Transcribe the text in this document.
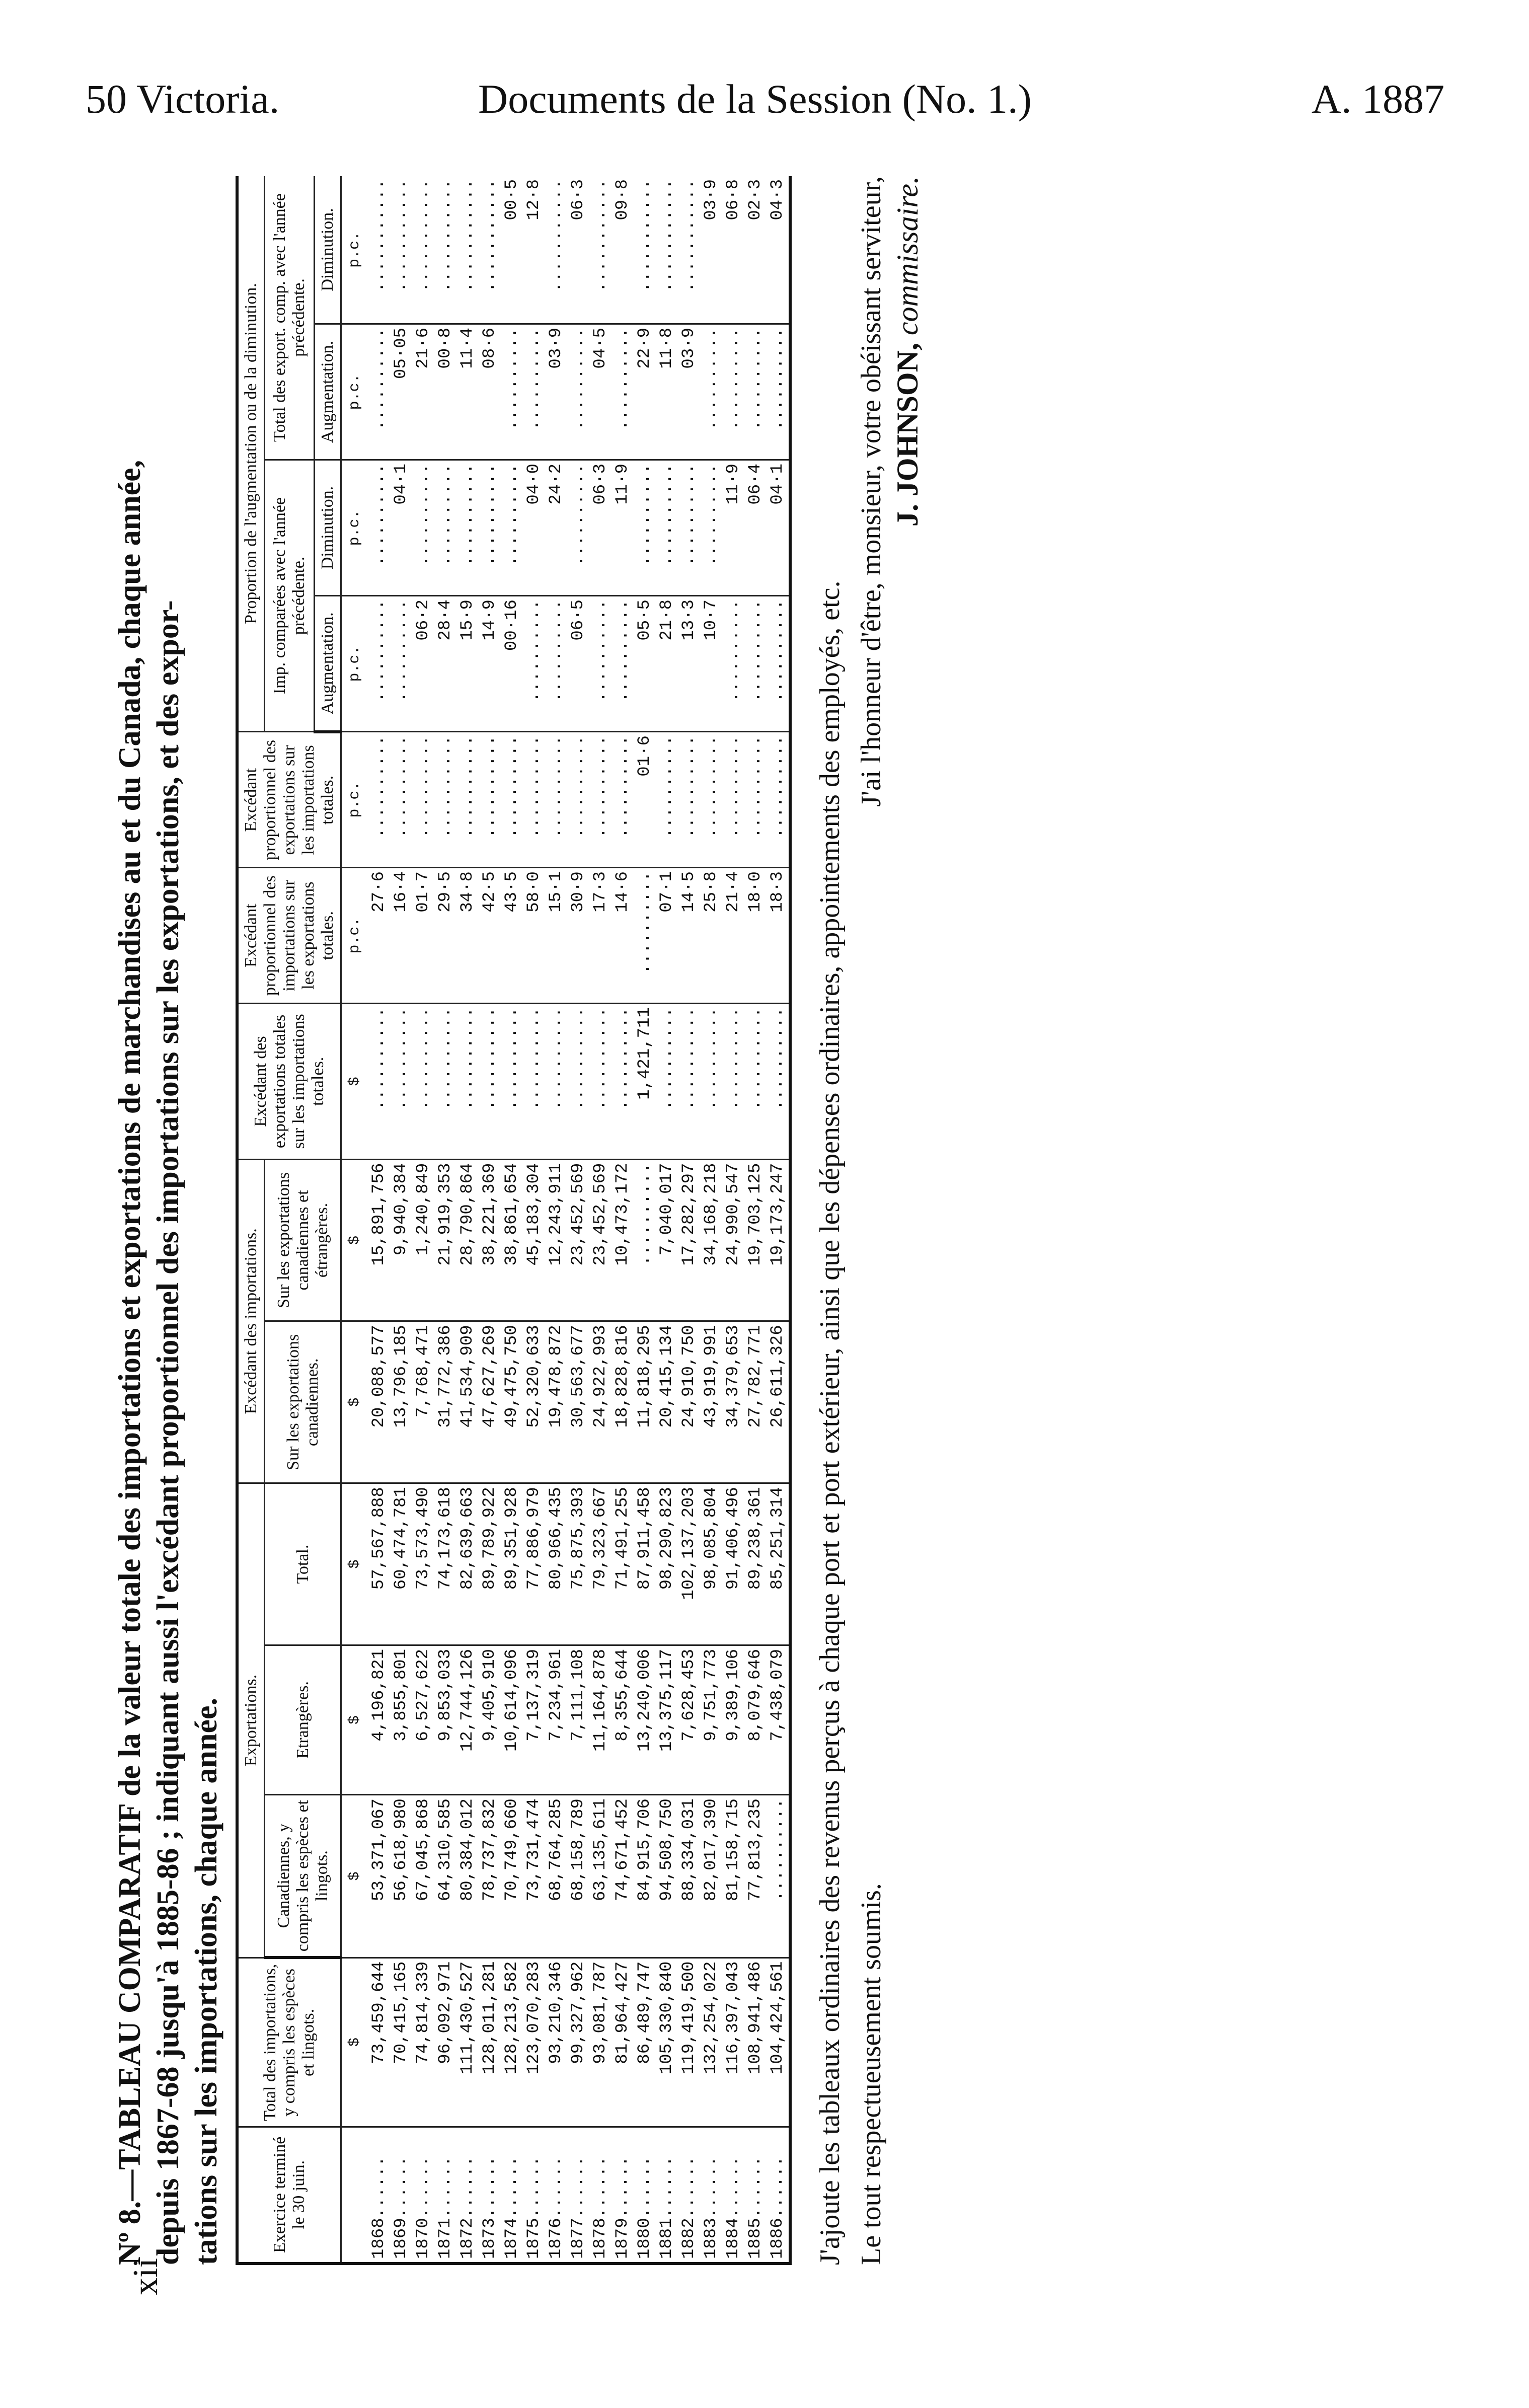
50 Victoria.	Documents de la Session (No. 1.)	A. 1887
xii
Nº 8.—TABLEAU COMPARATIF de la valeur totale des importations et exportations de marchandises au et du Canada, chaque année, depuis 1867-68 jusqu'à 1885-86 ; indiquant aussi l'excédant proportionnel des importations sur les exportations, et des expor- tations sur les importations, chaque année.	Exercice terminé le 30 juin.	Total des importations, y compris les espèces et lingots.	Exportations.			Excédant des importations.		Excédant des exportations totales sur les importations totales.	Excédant proportionnel des importations sur les exportations totales.	Excédant proportionnel des exportations sur les importations totales.	Proportion de l'augmentation ou de la diminution.			
		Canadiennes, y compris les espèces et lingots.	Etrangères.	Total.	Sur les exportations canadiennes.	Sur les exportations canadiennes et étrangères.				Imp. comparées avec l'année précédente.		Total des export. comp. avec l'année précédente.	
										Augmentation.	Diminution.	Augmentation.	Diminution.
	$	$	$	$	$	$	$	p.c.	p.c.	p.c.	p.c.	p.c.	p.c.
1868......	73,459,644	53,371,067	4,196,821	57,567,888	20,088,577	15,891,756	..........	27·6	..........	..........	..........	..........	...........
1869......	70,415,165	56,618,980	3,855,801	60,474,781	13,796,185	9,940,384	..........	16·4	..........	..........	04·1	05·05	...........
1870......	74,814,339	67,045,868	6,527,622	73,573,490	7,768,471	1,240,849	..........	01·7	..........	06·2	..........	21·6	...........
1871......	96,092,971	64,310,585	9,853,033	74,173,618	31,772,386	21,919,353	..........	29·5	..........	28·4	..........	00·8	...........
1872......	111,430,527	80,384,012	12,744,126	82,639,663	41,534,909	28,790,864	..........	34·8	..........	15·9	..........	11·4	...........
1873......	128,011,281	78,737,832	9,405,910	89,789,922	47,627,269	38,221,369	..........	42·5	..........	14·9	..........	08·6	...........
1874......	128,213,582	70,749,660	10,614,096	89,351,928	49,475,750	38,861,654	..........	43·5	..........	00·16	..........	..........	00·5
1875......	123,070,283	73,731,474	7,137,319	77,886,979	52,320,633	45,183,304	..........	58·0	..........	..........	04·0	..........	12·8
1876......	93,210,346	68,764,285	7,234,961	80,966,435	19,478,872	12,243,911	..........	15·1	..........	..........	24·2	03·9	...........
1877......	99,327,962	68,158,789	7,111,108	75,875,393	30,563,677	23,452,569	..........	30·9	..........	06·5	..........	..........	06·3
1878......	93,081,787	63,135,611	11,164,878	79,323,667	24,922,993	23,452,569	..........	17·3	..........	..........	06·3	04·5	...........
1879......	81,964,427	74,671,452	8,355,644	71,491,255	18,828,816	10,473,172	..........	14·6	..........	..........	11·9	..........	09·8
1880......	86,489,747	84,915,706	13,240,006	87,911,458	11,818,295	..........	1,421,711	..........	01·6	05·5	..........	22·9	...........
1881......	105,330,840	94,508,750	13,375,117	98,290,823	20,415,134	7,040,017	..........	07·1	..........	21·8	..........	11·8	...........
1882......	119,419,500	88,334,031	7,628,453	102,137,203	24,910,750	17,282,297	..........	14·5	..........	13·3	..........	03·9	...........
1883......	132,254,022	82,017,390	9,751,773	98,085,804	43,919,991	34,168,218	..........	25·8	..........	10·7	..........	..........	03·9
1884......	116,397,043	81,158,715	9,389,106	91,406,496	34,379,653	24,990,547	..........	21·4	..........	..........	11·9	..........	06·8
1885......	108,941,486	77,813,235	8,079,646	89,238,361	27,782,771	19,703,125	..........	18·0	..........	..........	06·4	..........	02·3
1886......	104,424,561	..........	7,438,079	85,251,314	26,611,326	19,173,247	..........	18·3	..........	..........	04·1	..........	04·3
J'ajoute les tableaux ordinaires des revenus perçus à chaque port et port extérieur, ainsi que les dépenses ordinaires, appointements des employés, etc. Le tout respectueusement soumis.
J'ai l'honneur d'être, monsieur, votre obéissant serviteur, J. JOHNSON, commissaire.
